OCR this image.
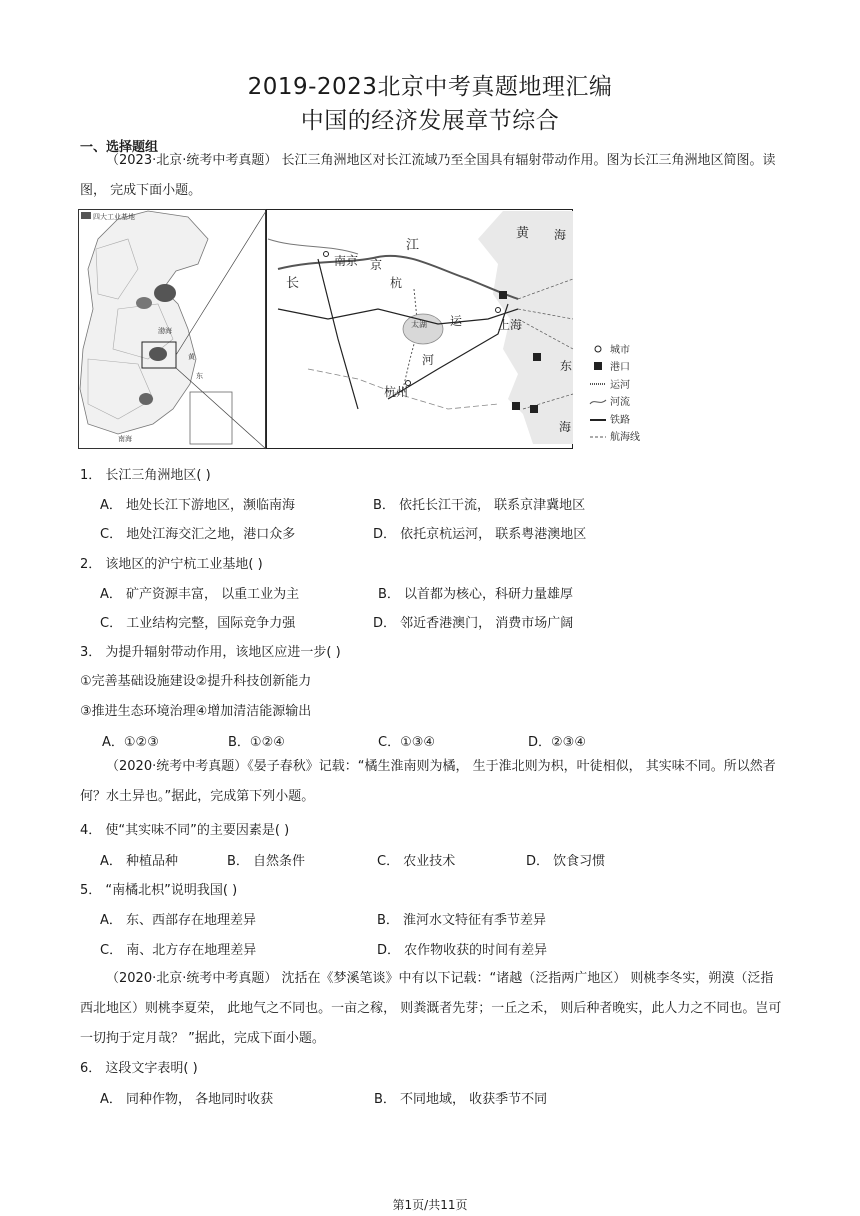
2019-2023北京中考真题地理汇编
中国的经济发展章节综合
一、选择题组
（2023·北京·统考中考真题） 长江三角洲地区对长江流域乃至全国具有辐射带动作用。图为长江三角洲地区简图。读图， 完成下面小题。
四大工业基地
渤海
黄
东
南海
黄 海
江
长
南京 京
杭
运
河
太湖	上海
杭州
东
海
城市
港口
运河
河流
铁路
航海线
1． 长江三角洲地区( )
A． 地处长江下游地区，濒临南海	B． 依托长江干流， 联系京津冀地区
C． 地处江海交汇之地，港口众多	D． 依托京杭运河， 联系粤港澳地区
2． 该地区的沪宁杭工业基地( )
A． 矿产资源丰富， 以重工业为主	B． 以首都为核心，科研力量雄厚
C． 工业结构完整，国际竞争力强	D． 邻近香港澳门， 消费市场广阔
3． 为提升辐射带动作用，该地区应进一步( )
①完善基础设施建设②提升科技创新能力
③推进生态环境治理④增加清洁能源输出
A．①②③	B．①②④	C．①③④	D．②③④
（2020·统考中考真题）《晏子春秋》记载：“橘生淮南则为橘， 生于淮北则为枳，叶徒相似， 其实味不同。所以然者何？水土异也。”据此，完成第下列小题。
4． 使“其实味不同”的主要因素是( )
A． 种植品种	B． 自然条件	C． 农业技术	D． 饮食习惯
5． “南橘北枳”说明我国( )
A． 东、西部存在地理差异	B． 淮河水文特征有季节差异
C． 南、北方存在地理差异	D． 农作物收获的时间有差异
（2020·北京·统考中考真题） 沈括在《梦溪笔谈》中有以下记载：“诸越（泛指两广地区） 则桃李冬实，朔漠（泛指西北地区）则桃李夏荣， 此地气之不同也。一亩之稼， 则粪溉者先芽；一丘之禾， 则后种者晚实，此人力之不同也。岂可一切拘于定月哉？ ”据此，完成下面小题。
6． 这段文字表明( )
A． 同种作物， 各地同时收获	B． 不同地域， 收获季节不同
第1页/共11页
